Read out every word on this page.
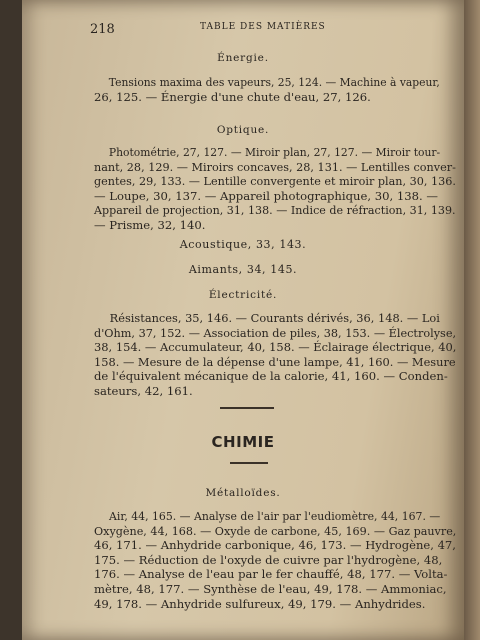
218	TABLE DES MATIÈRES
Énergie.
Tensions maxima des vapeurs, 25, 124. — Machine à vapeur,
26, 125. — Énergie d'une chute d'eau, 27, 126.
Optique.
Photométrie, 27, 127. — Miroir plan, 27, 127. — Miroir tour-
nant, 28, 129. — Miroirs concaves, 28, 131. — Lentilles conver-
gentes, 29, 133. — Lentille convergente et miroir plan, 30, 136.
— Loupe, 30, 137. — Appareil photographique, 30, 138. —
Appareil de projection, 31, 138. — Indice de réfraction, 31, 139.
— Prisme, 32, 140.
Acoustique, 33, 143.
Aimants, 34, 145.
Électricité.
Résistances, 35, 146. — Courants dérivés, 36, 148. — Loi
d'Ohm, 37, 152. — Association de piles, 38, 153. — Électrolyse,
38, 154. — Accumulateur, 40, 158. — Éclairage électrique, 40,
158. — Mesure de la dépense d'une lampe, 41, 160. — Mesure
de l'équivalent mécanique de la calorie, 41, 160. — Conden-
sateurs, 42, 161.
CHIMIE
Métalloïdes.
Air, 44, 165. — Analyse de l'air par l'eudiomètre, 44, 167. —
Oxygène, 44, 168. — Oxyde de carbone, 45, 169. — Gaz pauvre,
46, 171. — Anhydride carbonique, 46, 173. — Hydrogène, 47,
175. — Réduction de l'oxyde de cuivre par l'hydrogène, 48,
176. — Analyse de l'eau par le fer chauffé, 48, 177. — Volta-
mètre, 48, 177. — Synthèse de l'eau, 49, 178. — Ammoniac,
49, 178. — Anhydride sulfureux, 49, 179. — Anhydrides.
